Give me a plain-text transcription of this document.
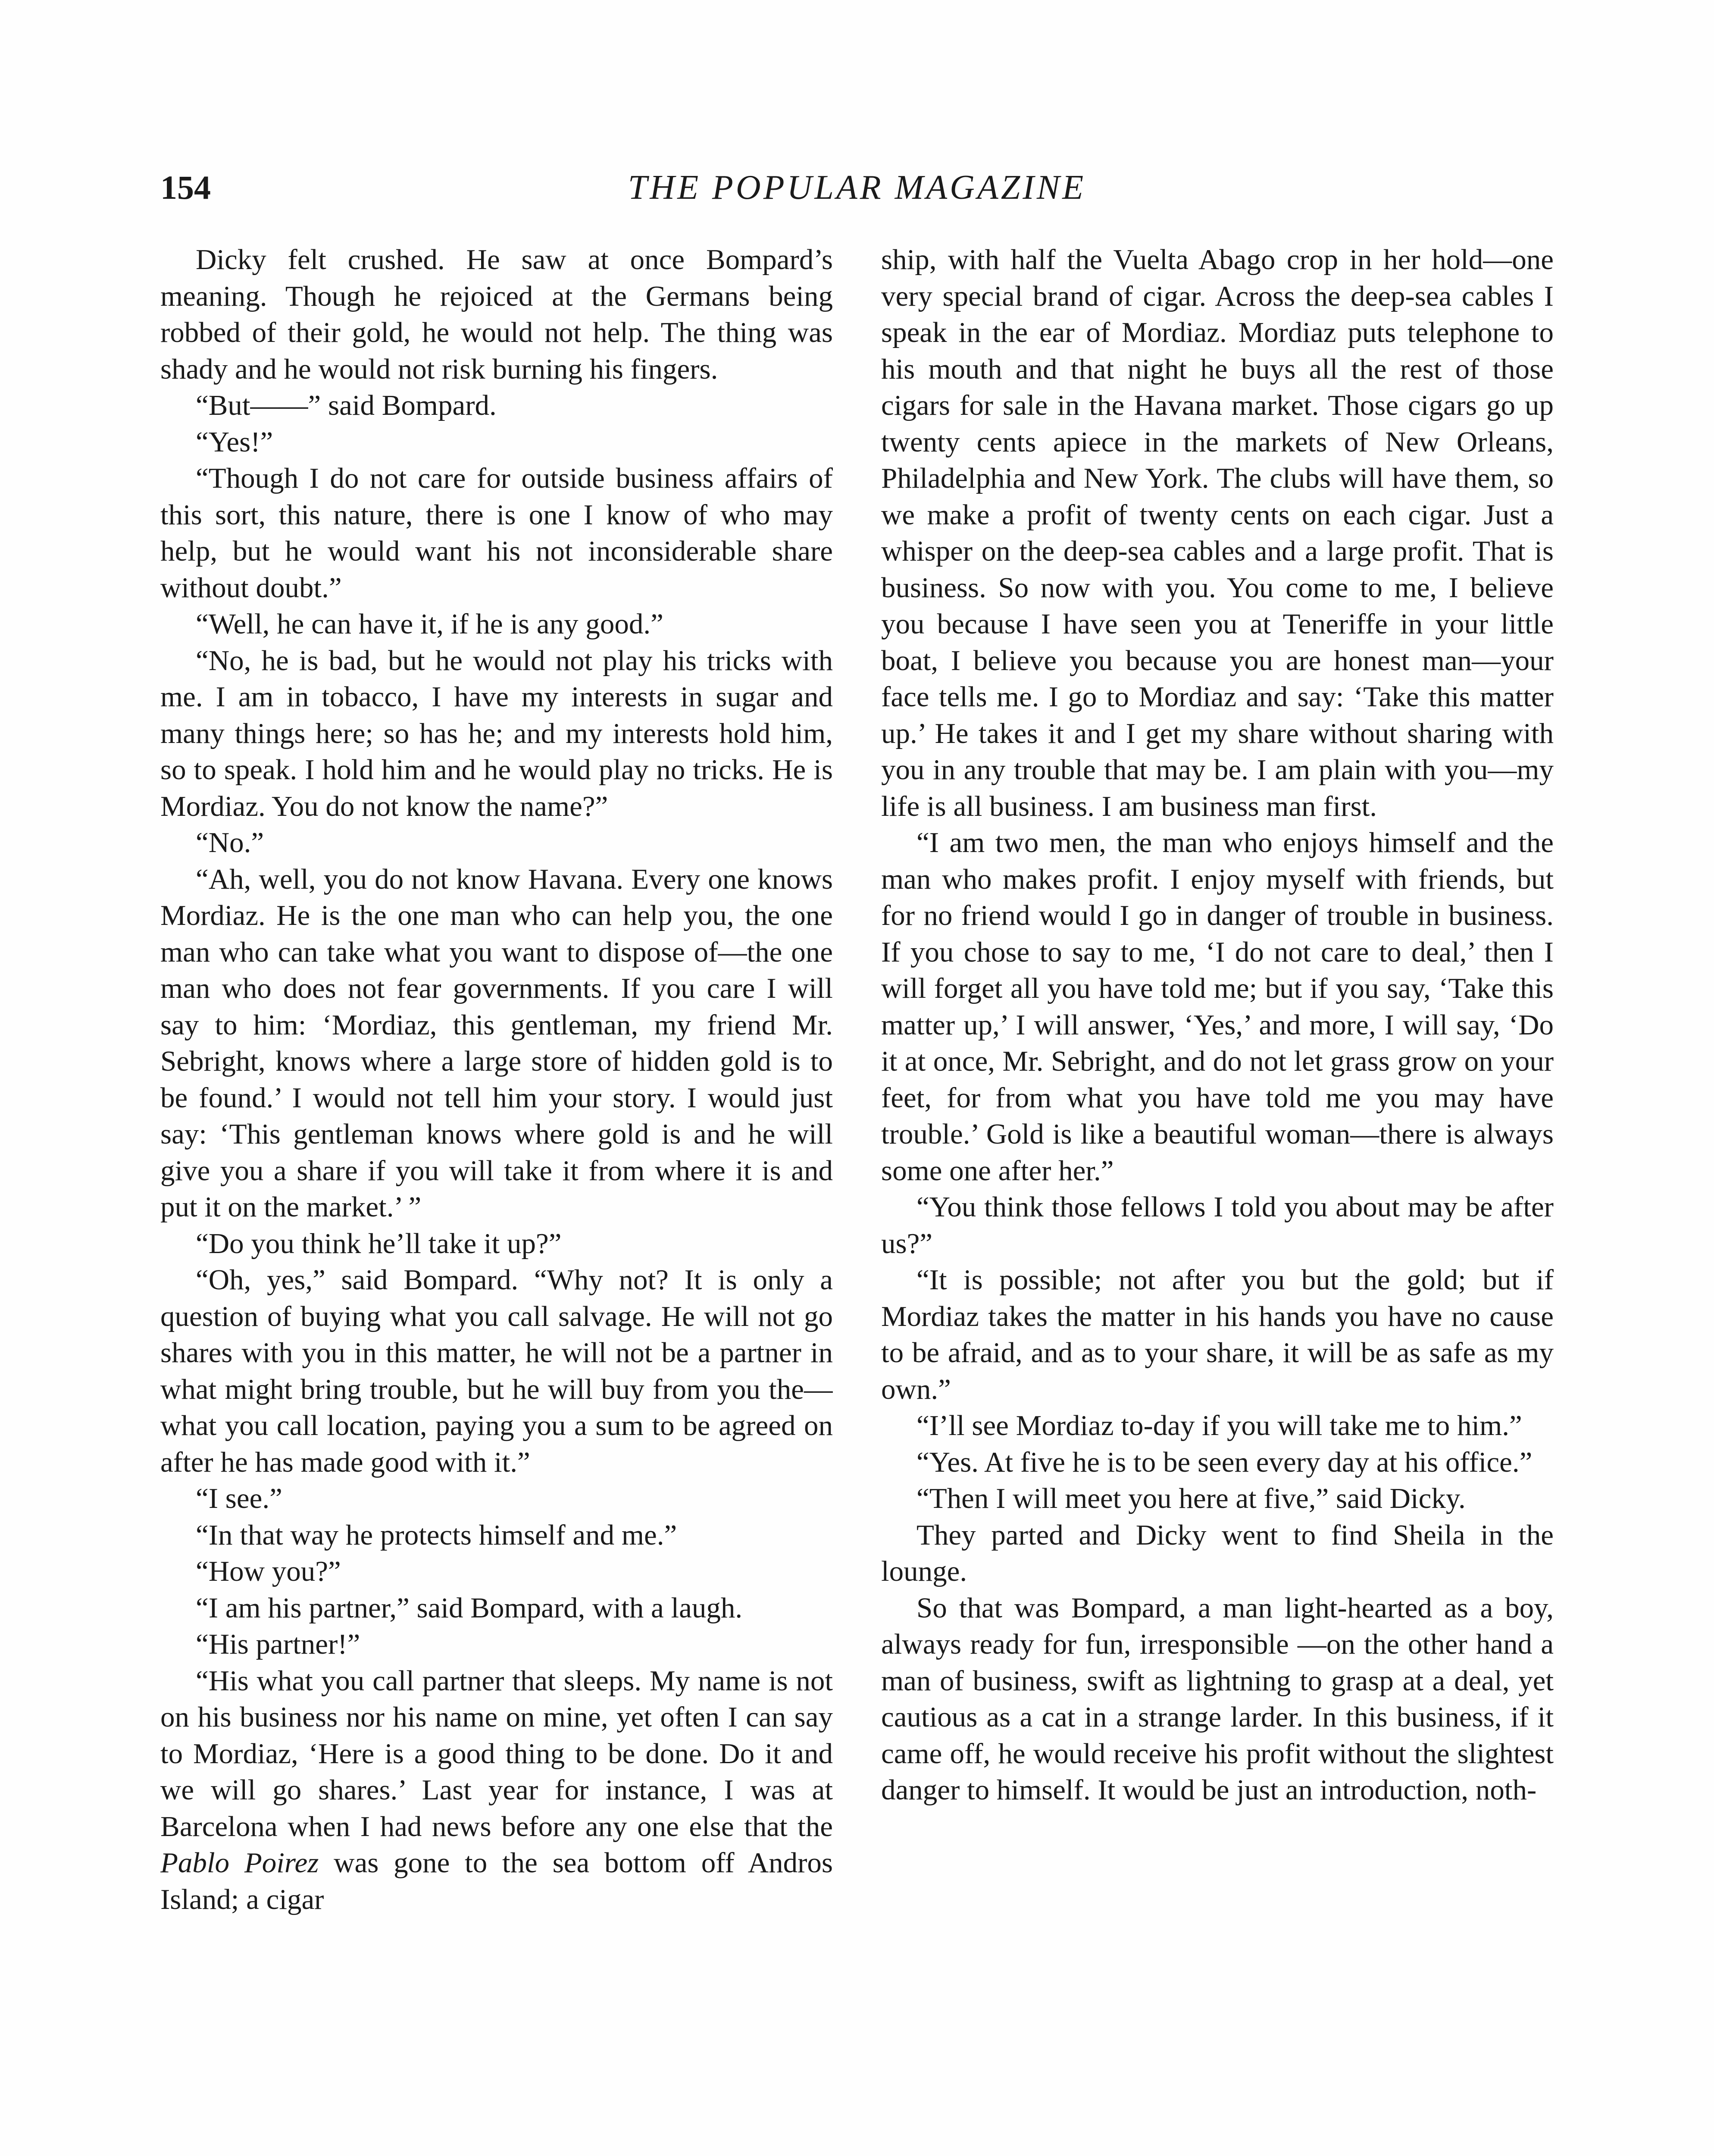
154	THE POPULAR MAGAZINE

Dicky felt crushed. He saw at once Bompard’s meaning. Though he rejoiced at the Germans being robbed of their gold, he would not help. The thing was shady and he would not risk burning his fingers.

“But——” said Bompard.

“Yes!”

“Though I do not care for outside business affairs of this sort, this nature, there is one I know of who may help, but he would want his not inconsiderable share without doubt.”

“Well, he can have it, if he is any good.”

“No, he is bad, but he would not play his tricks with me. I am in tobacco, I have my interests in sugar and many things here; so has he; and my interests hold him, so to speak. I hold him and he would play no tricks. He is Mordiaz. You do not know the name?”

“No.”

“Ah, well, you do not know Havana. Every one knows Mordiaz. He is the one man who can help you, the one man who can take what you want to dispose of—the one man who does not fear governments. If you care I will say to him: ‘Mordiaz, this gentleman, my friend Mr. Sebright, knows where a large store of hidden gold is to be found.’ I would not tell him your story. I would just say: ‘This gentleman knows where gold is and he will give you a share if you will take it from where it is and put it on the market.’ ”

“Do you think he’ll take it up?”

“Oh, yes,” said Bompard. “Why not? It is only a question of buying what you call salvage. He will not go shares with you in this matter, he will not be a partner in what might bring trouble, but he will buy from you the—what you call location, paying you a sum to be agreed on after he has made good with it.”

“I see.”

“In that way he protects himself and me.”

“How you?”

“I am his partner,” said Bompard, with a laugh.

“His partner!”

“His what you call partner that sleeps. My name is not on his business nor his name on mine, yet often I can say to Mordiaz, ‘Here is a good thing to be done. Do it and we will go shares.’ Last year for instance, I was at Barcelona when I had news before any one else that the Pablo Poirez was gone to the sea bottom off Andros Island; a cigar

ship, with half the Vuelta Abago crop in her hold—one very special brand of cigar. Across the deep-sea cables I speak in the ear of Mordiaz. Mordiaz puts telephone to his mouth and that night he buys all the rest of those cigars for sale in the Havana market. Those cigars go up twenty cents apiece in the markets of New Orleans, Philadelphia and New York. The clubs will have them, so we make a profit of twenty cents on each cigar. Just a whisper on the deep-sea cables and a large profit. That is business. So now with you. You come to me, I believe you because I have seen you at Teneriffe in your little boat, I believe you because you are honest man—your face tells me. I go to Mordiaz and say: ‘Take this matter up.’ He takes it and I get my share without sharing with you in any trouble that may be. I am plain with you—my life is all business. I am business man first.

“I am two men, the man who enjoys himself and the man who makes profit. I enjoy myself with friends, but for no friend would I go in danger of trouble in business. If you chose to say to me, ‘I do not care to deal,’ then I will forget all you have told me; but if you say, ‘Take this matter up,’ I will answer, ‘Yes,’ and more, I will say, ‘Do it at once, Mr. Sebright, and do not let grass grow on your feet, for from what you have told me you may have trouble.’ Gold is like a beautiful woman—there is always some one after her.”

“You think those fellows I told you about may be after us?”

“It is possible; not after you but the gold; but if Mordiaz takes the matter in his hands you have no cause to be afraid, and as to your share, it will be as safe as my own.”

“I’ll see Mordiaz to-day if you will take me to him.”

“Yes. At five he is to be seen every day at his office.”

“Then I will meet you here at five,” said Dicky.

They parted and Dicky went to find Sheila in the lounge.

So that was Bompard, a man light-hearted as a boy, always ready for fun, irresponsible —on the other hand a man of business, swift as lightning to grasp at a deal, yet cautious as a cat in a strange larder. In this business, if it came off, he would receive his profit without the slightest danger to himself. It would be just an introduction, noth-
